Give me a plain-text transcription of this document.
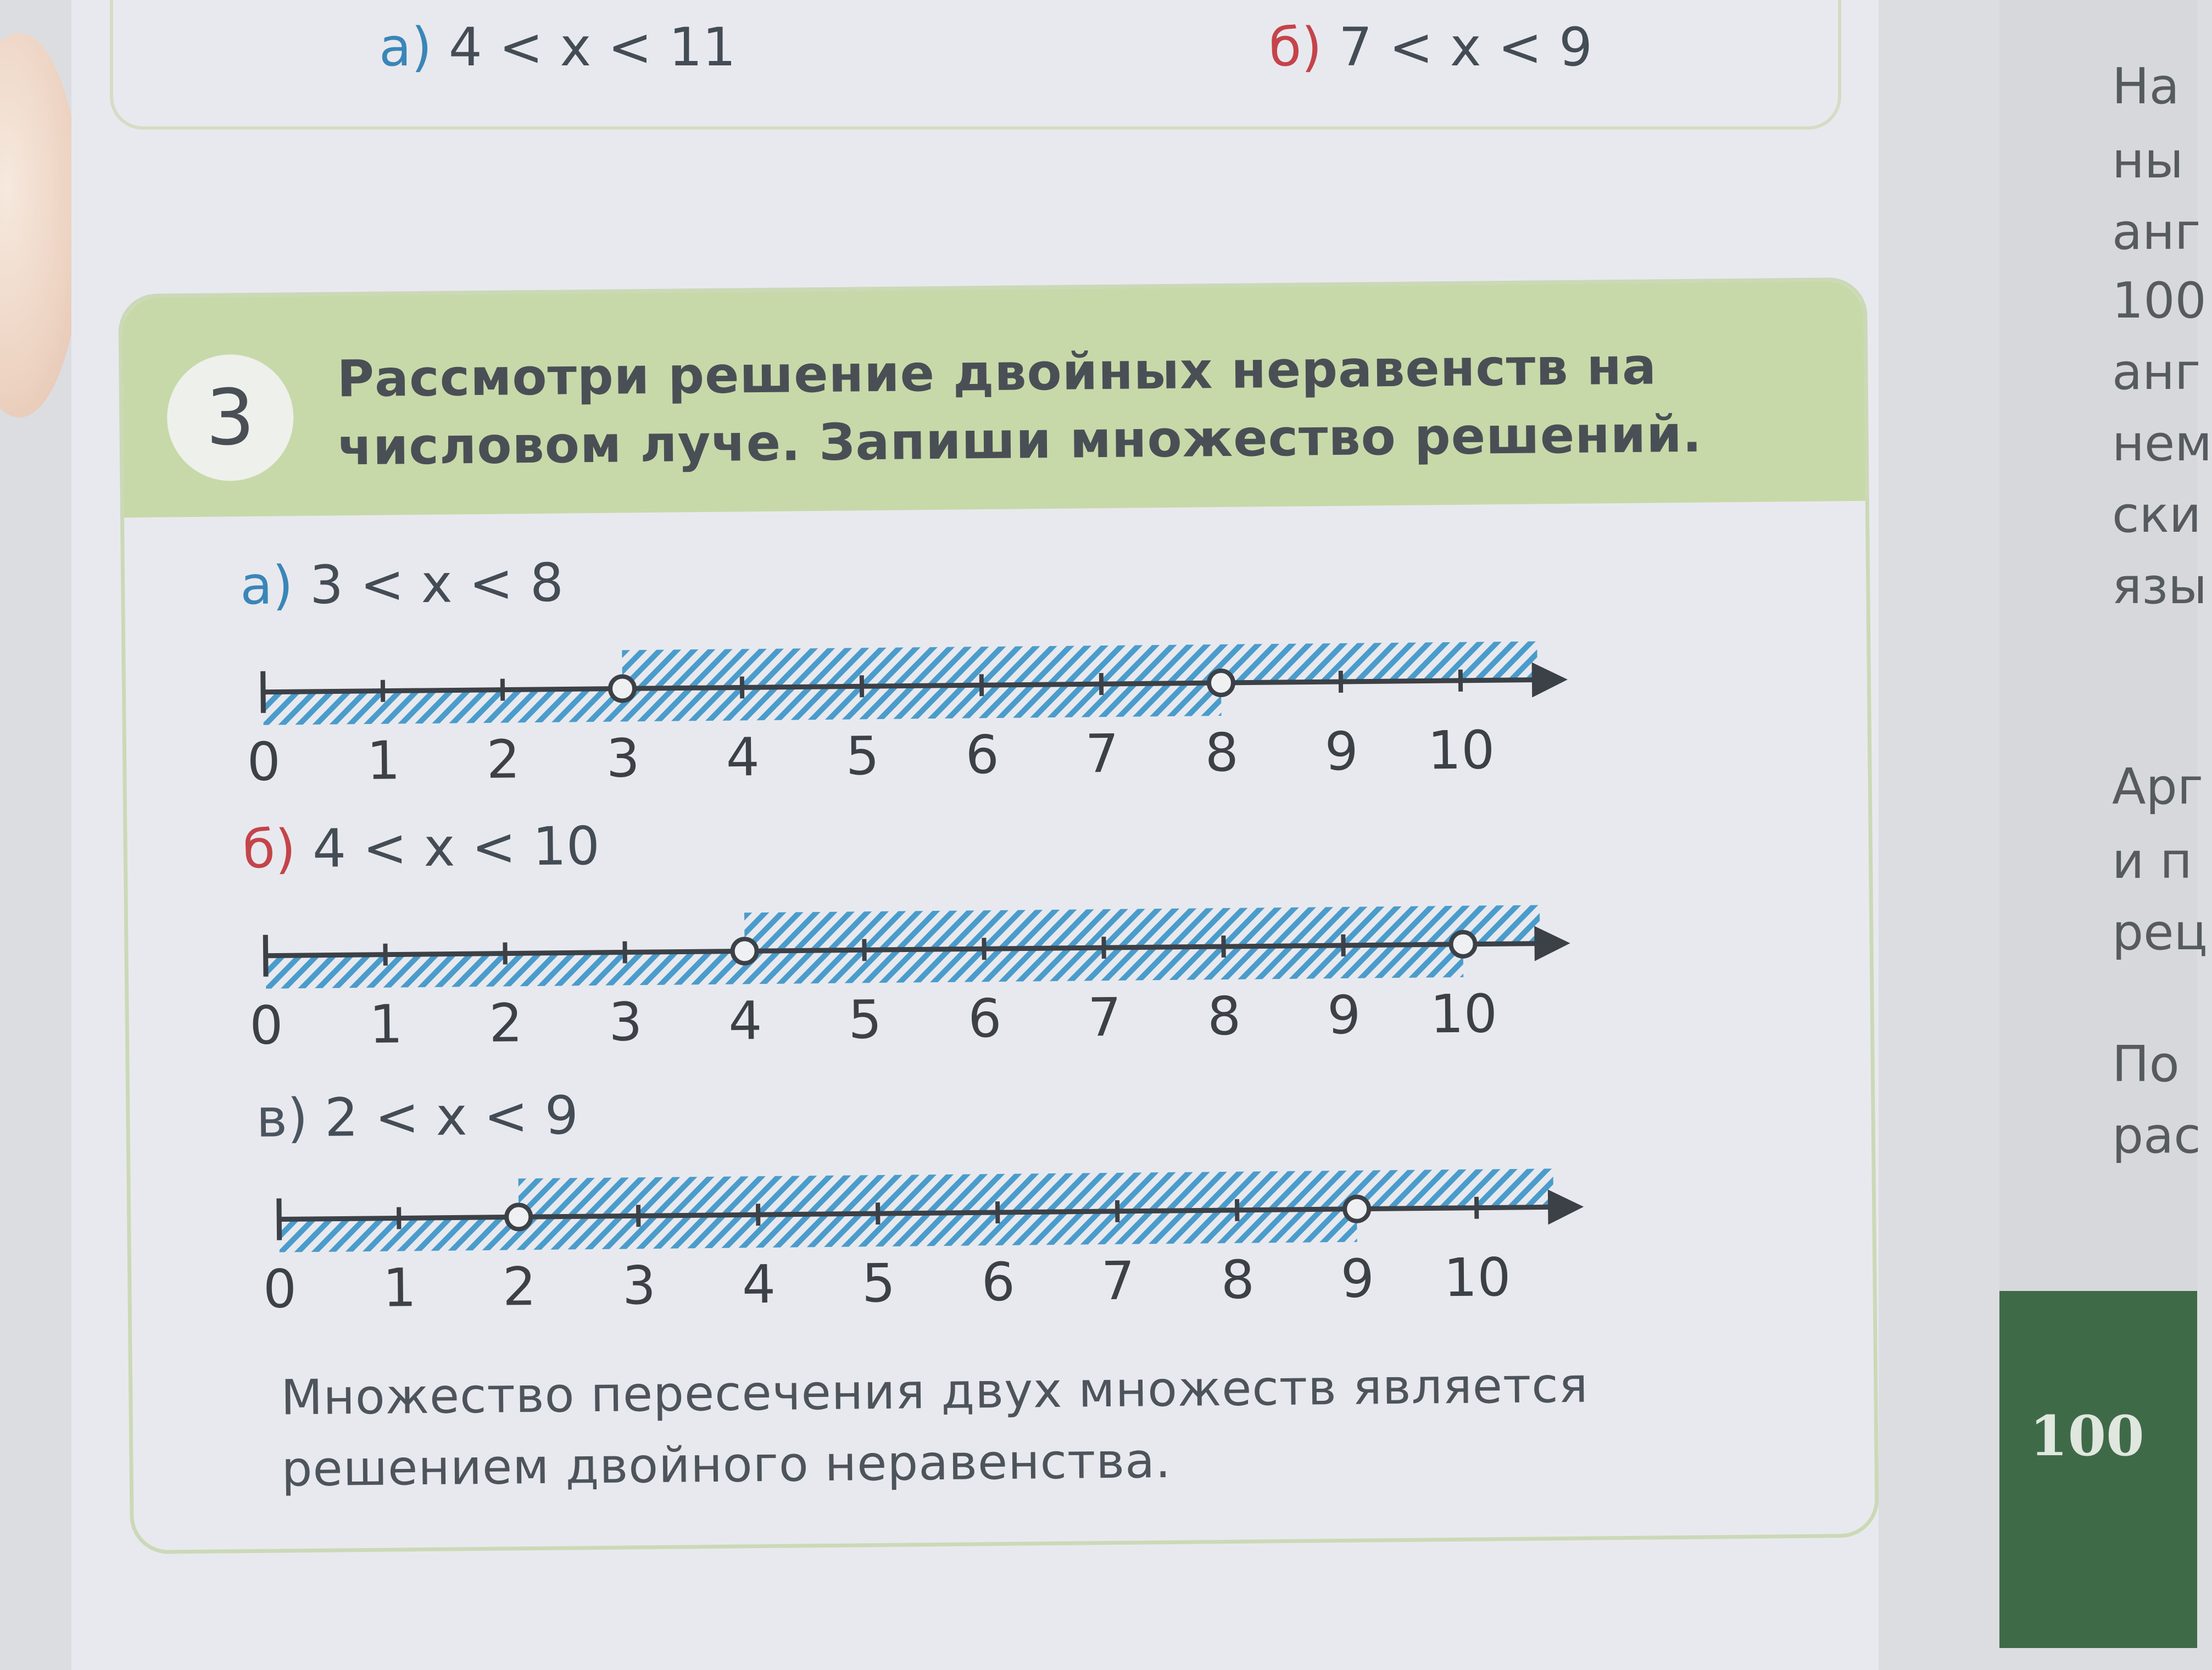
а) 4 < x < 11	б) 7 < x < 9
3	Рассмотри решение двойных неравенств на числовом луче. Запиши множество решений.
а) 3 < x < 8
0 1 2 3 4 5 6 7 8 9 10
б) 4 < x < 10
0 1 2 3 4 5 6 7 8 9 10
в) 2 < x < 9
0 1 2 3 4 5 6 7 8 9 10
Множество пересечения двух множеств является решением двойного неравенства.
На
ны
анг
100
анг
нем
ски
язы
Арг
и п
рец
По
рас
100
